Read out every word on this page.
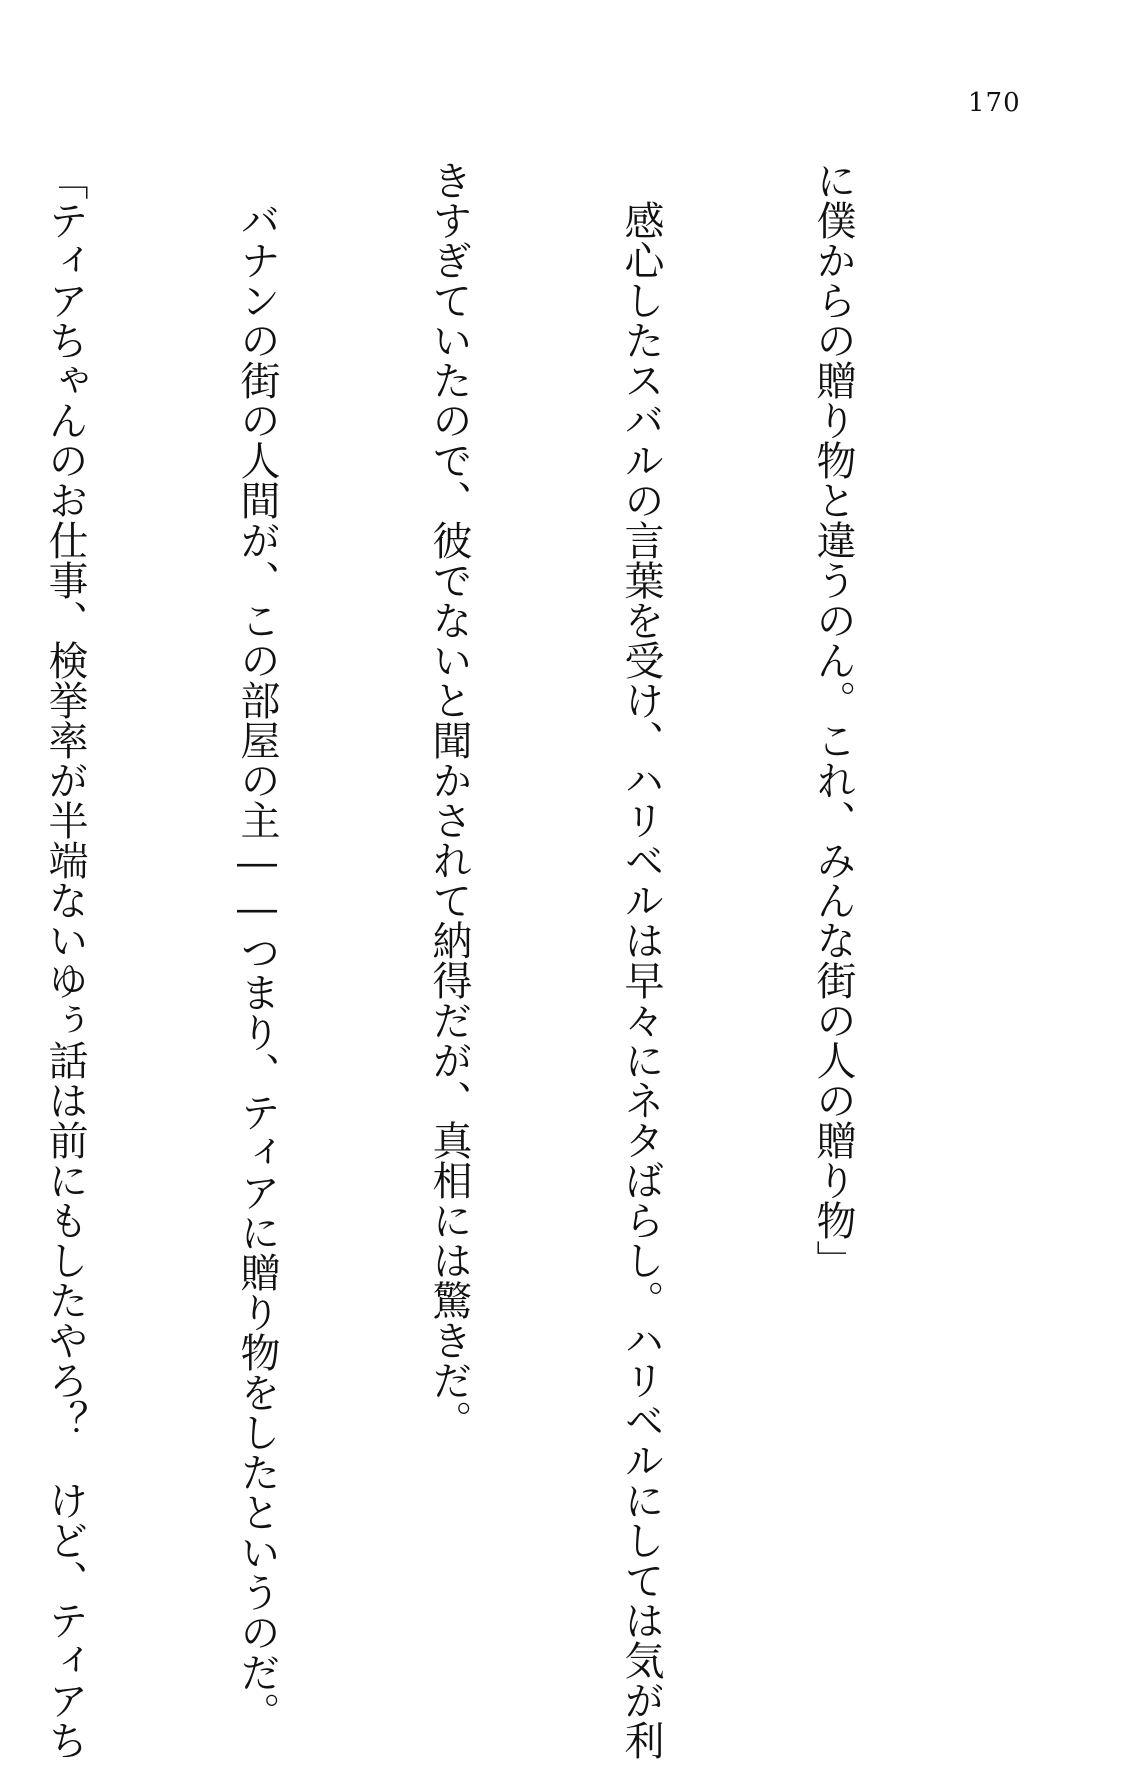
170

に僕からの贈り物と違うのん。これ、みんな街の人の贈り物」

　感心したスバルの言葉を受け、ハリベルは早々にネタばらし。ハリベルにしては気が利

きすぎていたので、彼でないと聞かされて納得だが、真相には驚きだ。

　バナンの街の人間が、この部屋の主――つまり、ティアに贈り物をしたというのだ。

「ティアちゃんのお仕事、検挙率が半端ないゆぅ話は前にもしたやろ？　けど、ティアち
